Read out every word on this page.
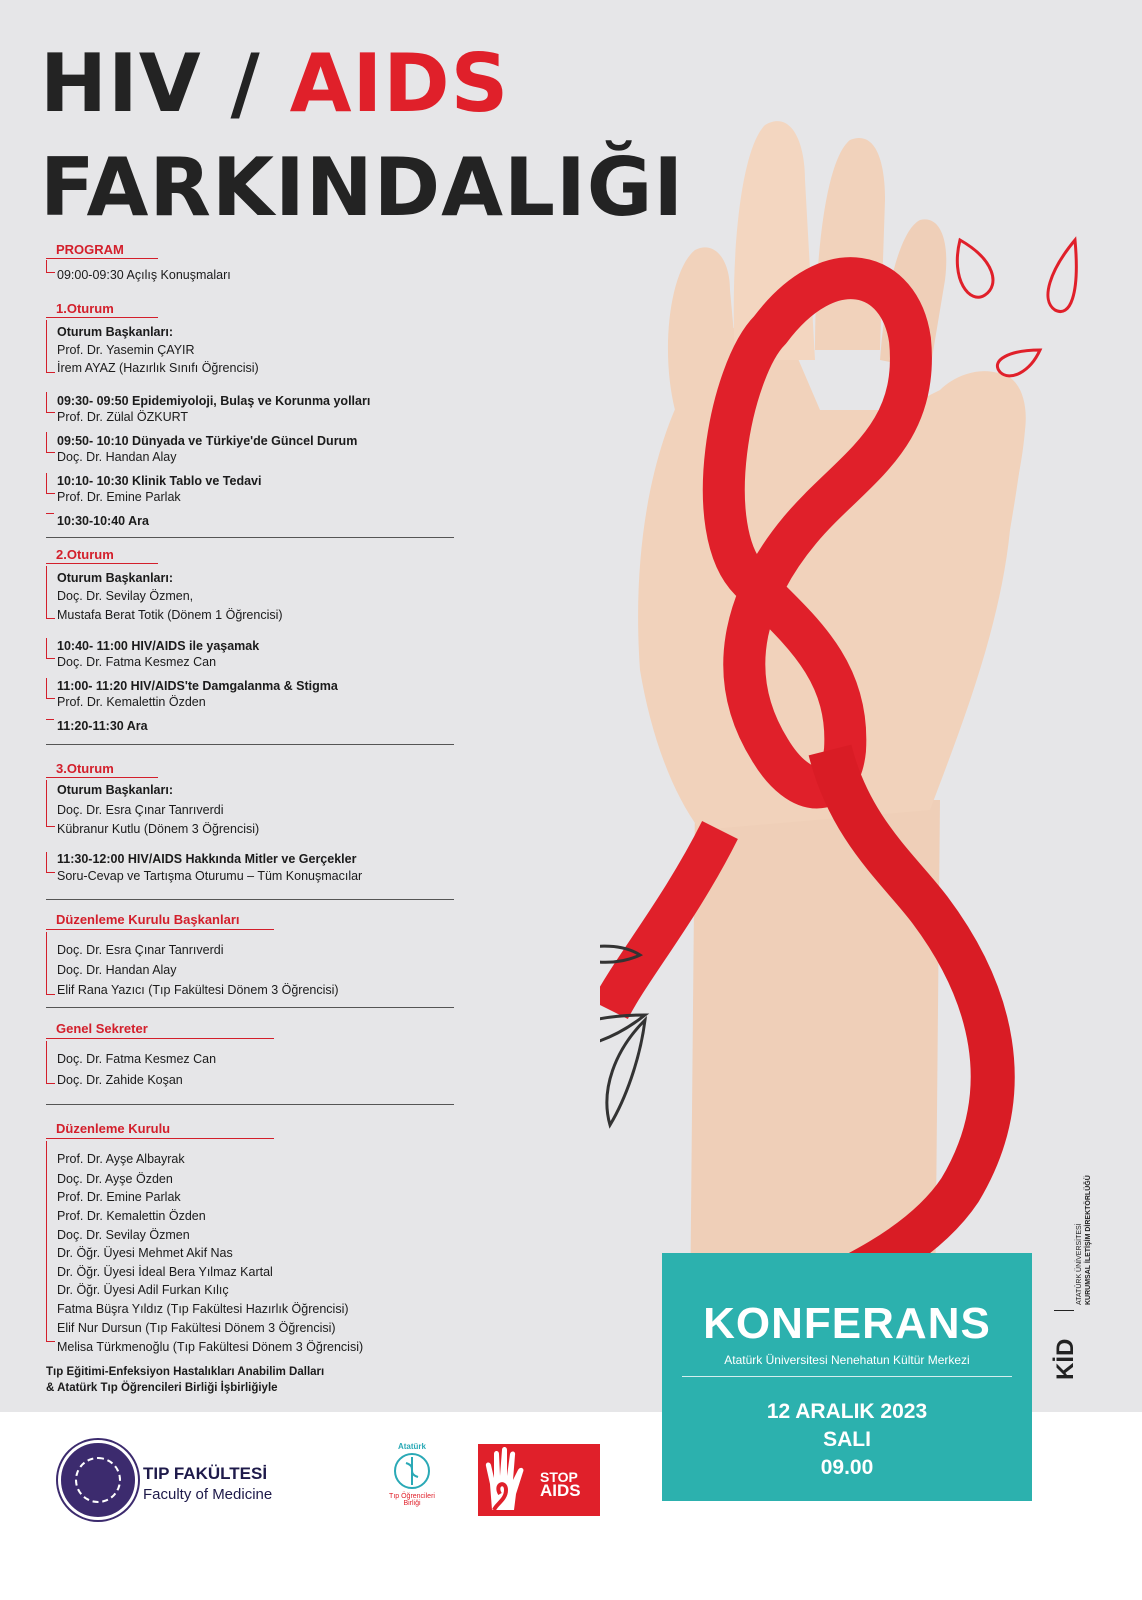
HIV / AIDS
FARKINDALIĞI
PROGRAM
09:00-09:30 Açılış Konuşmaları
1.Oturum
Oturum Başkanları:
Prof. Dr. Yasemin ÇAYIR
İrem AYAZ (Hazırlık Sınıfı Öğrencisi)
09:30- 09:50 Epidemiyoloji, Bulaş ve Korunma yolları
Prof. Dr. Zülal ÖZKURT
09:50- 10:10 Dünyada ve Türkiye'de Güncel Durum
Doç. Dr. Handan Alay
10:10- 10:30 Klinik Tablo ve Tedavi
Prof. Dr. Emine Parlak
10:30-10:40 Ara
2.Oturum
Oturum Başkanları:
Doç. Dr. Sevilay Özmen,
Mustafa Berat Totik (Dönem 1 Öğrencisi)
10:40- 11:00 HIV/AIDS ile yaşamak
Doç. Dr. Fatma Kesmez Can
11:00- 11:20 HIV/AIDS'te Damgalanma & Stigma
Prof. Dr. Kemalettin Özden
11:20-11:30 Ara
3.Oturum
Oturum Başkanları:
Doç. Dr. Esra Çınar Tanrıverdi
Kübranur Kutlu (Dönem 3 Öğrencisi)
11:30-12:00 HIV/AIDS Hakkında Mitler ve Gerçekler
Soru-Cevap ve Tartışma Oturumu – Tüm Konuşmacılar
Düzenleme Kurulu Başkanları
Doç. Dr. Esra Çınar Tanrıverdi
Doç. Dr. Handan Alay
Elif Rana Yazıcı (Tıp Fakültesi Dönem 3 Öğrencisi)
Genel Sekreter
Doç. Dr. Fatma Kesmez Can
Doç. Dr. Zahide Koşan
Düzenleme Kurulu
Prof. Dr. Ayşe Albayrak
Doç. Dr. Ayşe Özden
Prof. Dr. Emine Parlak
Prof. Dr. Kemalettin Özden
Doç. Dr. Sevilay Özmen
Dr. Öğr. Üyesi Mehmet Akif Nas
Dr. Öğr. Üyesi İdeal Bera Yılmaz Kartal
Dr. Öğr. Üyesi Adil Furkan Kılıç
Fatma Büşra Yıldız (Tıp Fakültesi Hazırlık Öğrencisi)
Elif Nur Dursun (Tıp Fakültesi Dönem 3 Öğrencisi)
Melisa Türkmenoğlu (Tıp Fakültesi Dönem 3 Öğrencisi)
Tıp Eğitimi-Enfeksiyon Hastalıkları Anabilim Dalları
& Atatürk Tıp Öğrencileri Birliği İşbirliğiyle
KİD
ATATÜRK ÜNİVERSİTESİ KURUMSAL İLETİŞİM DİREKTÖRLÜĞÜ
TIP FAKÜLTESİ
Faculty of Medicine
Atatürk
Tıp Öğrencileri Birliği
STOP
AIDS
KONFERANS
Atatürk Üniversitesi Nenehatun Kültür Merkezi
12 ARALIK 2023
SALI
09.00
